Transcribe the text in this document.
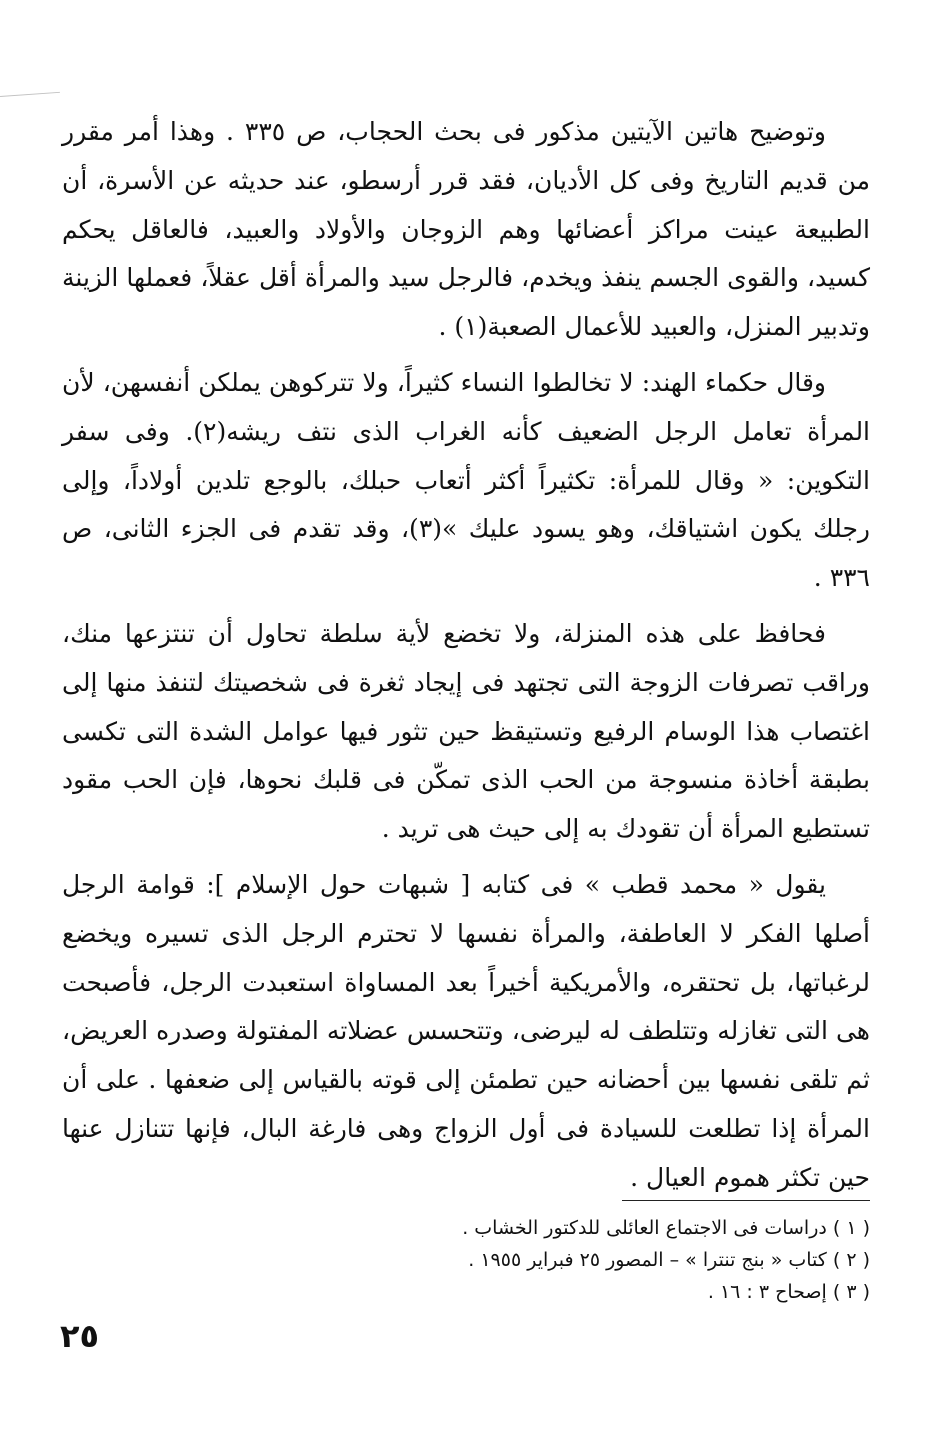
وتوضيح هاتين الآيتين مذكور فى بحث الحجاب، ص ٣٣٥ . وهذا أمر مقرر من قديم التاريخ وفى كل الأديان، فقد قرر أرسطو، عند حديثه عن الأسرة، أن الطبيعة عينت مراكز أعضائها وهم الزوجان والأولاد والعبيد، فالعاقل يحكم كسيد، والقوى الجسم ينفذ ويخدم، فالرجل سيد والمرأة أقل عقلاً، فعملها الزينة وتدبير المنزل، والعبيد للأعمال الصعبة(١) .

وقال حكماء الهند: لا تخالطوا النساء كثيراً، ولا تتركوهن يملكن أنفسهن، لأن المرأة تعامل الرجل الضعيف كأنه الغراب الذى نتف ريشه(٢). وفى سفر التكوين: « وقال للمرأة: تكثيراً أكثر أتعاب حبلك، بالوجع تلدين أولاداً، وإلى رجلك يكون اشتياقك، وهو يسود عليك »(٣)، وقد تقدم فى الجزء الثانى، ص ٣٣٦ .

فحافظ على هذه المنزلة، ولا تخضع لأية سلطة تحاول أن تنتزعها منك، وراقب تصرفات الزوجة التى تجتهد فى إيجاد ثغرة فى شخصيتك لتنفذ منها إلى اغتصاب هذا الوسام الرفيع وتستيقظ حين تثور فيها عوامل الشدة التى تكسى بطبقة أخاذة منسوجة من الحب الذى تمكّن فى قلبك نحوها، فإن الحب مقود تستطيع المرأة أن تقودك به إلى حيث هى تريد .

يقول « محمد قطب » فى كتابه [ شبهات حول الإسلام ]: قوامة الرجل أصلها الفكر لا العاطفة، والمرأة نفسها لا تحترم الرجل الذى تسيره ويخضع لرغباتها، بل تحتقره، والأمريكية أخيراً بعد المساواة استعبدت الرجل، فأصبحت هى التى تغازله وتتلطف له ليرضى، وتتحسس عضلاته المفتولة وصدره العريض، ثم تلقى نفسها بين أحضانه حين تطمئن إلى قوته بالقياس إلى ضعفها . على أن المرأة إذا تطلعت للسيادة فى أول الزواج وهى فارغة البال، فإنها تتنازل عنها حين تكثر هموم العيال .

( ١ ) دراسات فى الاجتماع العائلى للدكتور الخشاب .
( ٢ ) كتاب « بنج تنترا » – المصور ٢٥ فبراير ١٩٥٥ .
( ٣ ) إصحاح ٣ : ١٦ .
٢٥
